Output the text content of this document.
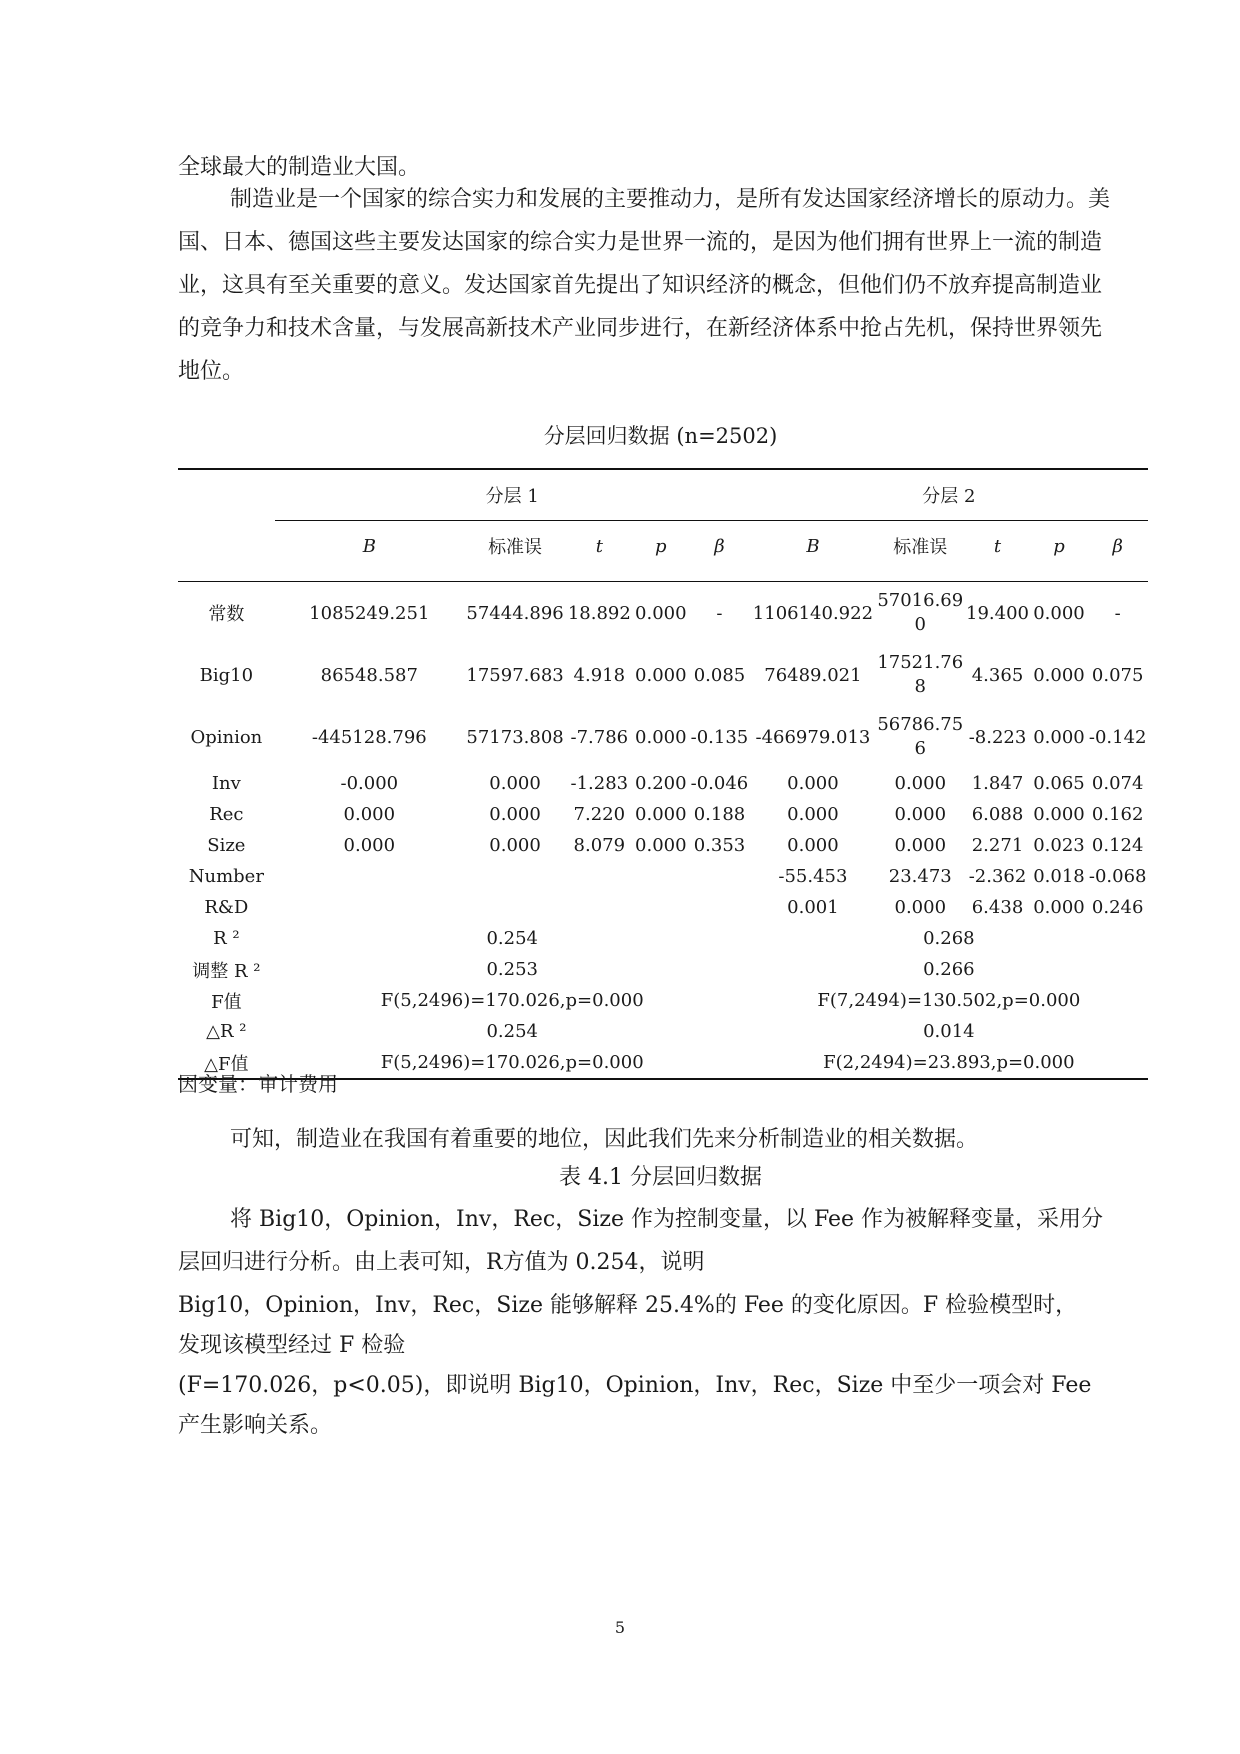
全球最大的制造业大国。

制造业是一个国家的综合实力和发展的主要推动力，是所有发达国家经济增长的原动力。美国、日本、德国这些主要发达国家的综合实力是世界一流的，是因为他们拥有世界上一流的制造业，这具有至关重要的意义。发达国家首先提出了知识经济的概念，但他们仍不放弃提高制造业的竞争力和技术含量，与发展高新技术产业同步进行，在新经济体系中抢占先机，保持世界领先地位。

分层回归数据 (n=2502)
	分层 1					分层 2				
	B	标准误	t	p	β	B	标准误	t	p	β

常数	1085249.251	57444.896	18.892	0.000	-	1106140.922	57016.690	19.400	0.000	-
Big10	86548.587	17597.683	4.918	0.000	0.085	76489.021	17521.768	4.365	0.000	0.075
Opinion	-445128.796	57173.808	-7.786	0.000	-0.135	-466979.013	56786.756	-8.223	0.000	-0.142
Inv	-0.000	0.000	-1.283	0.200	-0.046	0.000	0.000	1.847	0.065	0.074
Rec	0.000	0.000	7.220	0.000	0.188	0.000	0.000	6.088	0.000	0.162
Size	0.000	0.000	8.079	0.000	0.353	0.000	0.000	2.271	0.023	0.124
Number						-55.453	23.473	-2.362	0.018	-0.068
R&D						0.001	0.000	6.438	0.000	0.246
R ²	0.254					0.268				
调整 R ²	0.253					0.266				
F值	F(5,2496)=170.026,p=0.000					F(7,2494)=130.502,p=0.000				
△R ²	0.254					0.014				
△F值	F(5,2496)=170.026,p=0.000					F(2,2494)=23.893,p=0.000				
因变量：审计费用

可知，制造业在我国有着重要的地位，因此我们先来分析制造业的相关数据。

表 4.1 分层回归数据

将 Big10，Opinion，Inv，Rec，Size 作为控制变量，以 Fee 作为被解释变量，采用分层回归进行分析。由上表可知，R方值为 0.254，说明

Big10，Opinion，Inv，Rec，Size 能够解释 25.4%的 Fee 的变化原因。F 检验模型时，

发现该模型经过 F 检验

(F=170.026，p<0.05)，即说明 Big10，Opinion，Inv，Rec，Size 中至少一项会对 Fee

产生影响关系。

5
